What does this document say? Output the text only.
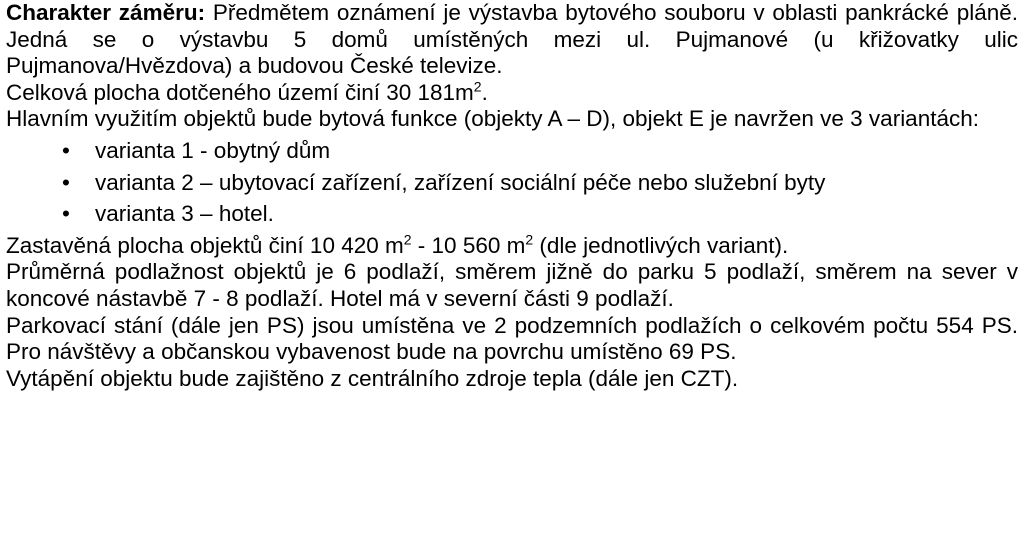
Charakter záměru: Předmětem oznámení je výstavba bytového souboru v oblasti pankrácké pláně. Jedná se o výstavbu 5 domů umístěných mezi ul. Pujmanové (u křižovatky ulic Pujmanova/Hvězdova) a budovou České televize.

Celková plocha dotčeného území činí 30 $181m^2$.

Hlavním využitím objektů bude bytová funkce (objekty A – D), objekt E je navržen ve 3 variantách:

• varianta 1 - obytný dům
• varianta 2 – ubytovací zařízení, zařízení sociální péče nebo služební byty
• varianta 3 – hotel.

Zastavěná plocha objektů činí 10 420 $m^2 - 10$ 560 $m^2$ (dle jednotlivých variant).

Průměrná podlažnost objektů je 6 podlaží, směrem jižně do parku 5 podlaží, směrem na sever v koncové nástavbě 7 - 8 podlaží. Hotel má v severní části 9 podlaží.

Parkovací stání (dále jen PS) jsou umístěna ve 2 podzemních podlažích o celkovém počtu 554 PS. Pro návštěvy a občanskou vybavenost bude na povrchu umístěno 69 PS.

Vytápění objektu bude zajištěno z centrálního zdroje tepla (dále jen CZT).
